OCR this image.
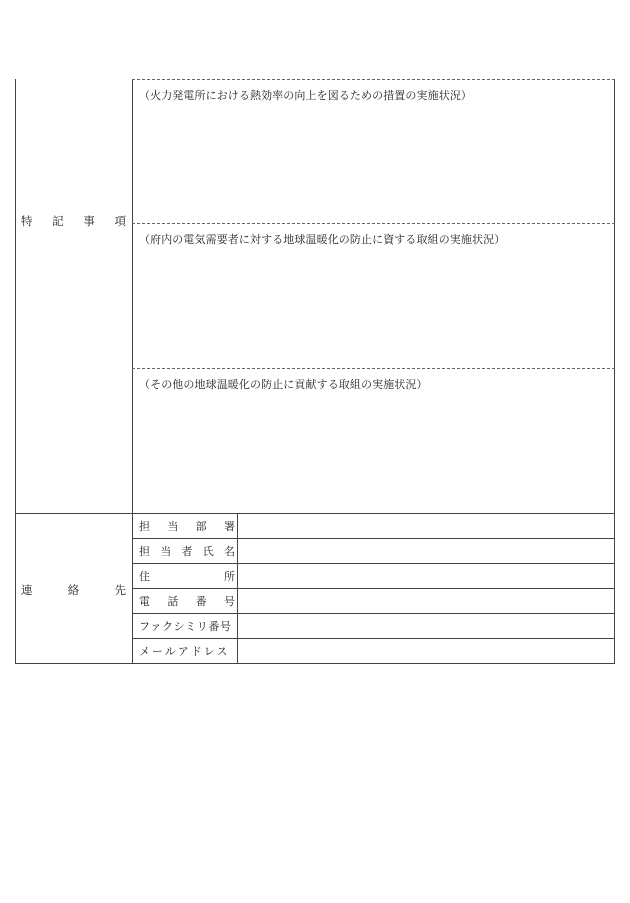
特 記 事 項
（火力発電所における熱効率の向上を図るための措置の実施状況）
（府内の電気需要者に対する地球温暖化の防止に資する取組の実施状況）
（その他の地球温暖化の防止に貢献する取組の実施状況）
連	絡	先
担 当 部 署
担 当 者 氏 名
住	所
電 話 番 号
ファクシミリ番号
メールアドレス
